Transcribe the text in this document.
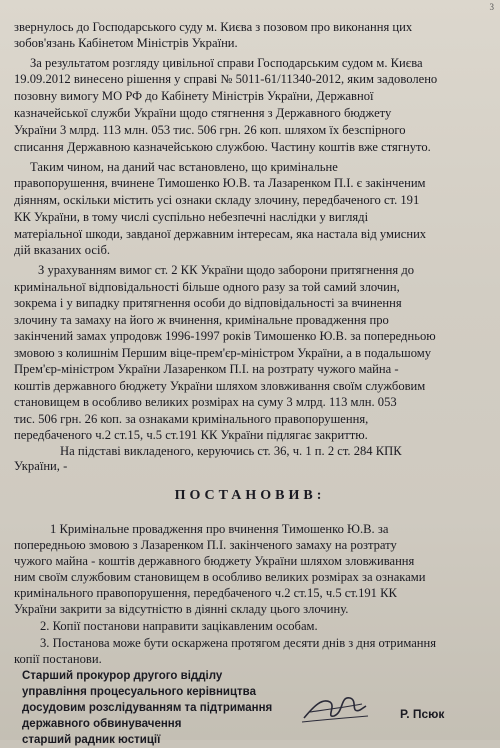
3
звернулось до Господарського суду м. Києва з позовом про виконання цих
зобов'язань Кабінетом Міністрів України.
За результатом розгляду цивільної справи Господарським судом м. Києва
19.09.2012 винесено рішення у справі № 5011-61/11340-2012, яким задоволено
позовну вимогу МО РФ до Кабінету Міністрів України, Державної
казначейської служби України щодо стягнення з Державного бюджету
України 3 млрд. 113 млн. 053 тис. 506 грн. 26 коп. шляхом їх безспірного
списання Державною казначейською службою. Частину коштів вже стягнуто.
Таким чином, на даний час встановлено, що кримінальне
правопорушення, вчинене Тимошенко Ю.В. та Лазаренком П.І. є закінченим
діянням, оскільки містить усі ознаки складу злочину, передбаченого ст. 191
КК України, в тому числі суспільно небезпечні наслідки у вигляді
матеріальної шкоди, завданої державним інтересам, яка настала від умисних
дій вказаних осіб.
З урахуванням вимог ст. 2 КК України щодо заборони притягнення до
кримінальної відповідальності більше одного разу за той самий злочин,
зокрема і у випадку притягнення особи до відповідальності за вчинення
злочину та замаху на його ж вчинення, кримінальне провадження про
закінчений замах упродовж 1996-1997 років Тимошенко Ю.В. за попередньою
змовою з колишнім Першим віце-прем'єр-міністром України, а в подальшому
Прем'єр-міністром України Лазаренком П.І. на розтрату чужого майна -
коштів державного бюджету України шляхом зловживання своїм службовим
становищем в особливо великих розмірах на суму 3 млрд. 113 млн. 053
тис. 506 грн. 26 коп. за ознаками кримінального правопорушення,
передбаченого ч.2 ст.15, ч.5 ст.191 КК України підлягає закриттю.
На підставі викладеного, керуючись ст. 36, ч. 1 п. 2 ст. 284 КПК
України, -
ПОСТАНОВИВ:
1 Кримінальне провадження про вчинення Тимошенко Ю.В. за
попередньою змовою з Лазаренком П.І. закінченого замаху на розтрату
чужого майна - коштів державного бюджету України шляхом зловживання
ним своїм службовим становищем в особливо великих розмірах за ознаками
кримінального правопорушення, передбаченого ч.2 ст.15, ч.5 ст.191 КК
України закрити за відсутністю в діянні складу цього злочину.
2. Копії постанови направити зацікавленим особам.
3. Постанова може бути оскаржена протягом десяти днів з дня отримання
копії постанови.
Старший прокурор другого відділу
управління процесуального керівництва
досудовим розслідуванням та підтримання
державного обвинувачення
старший радник юстиції
Р. Псюк
